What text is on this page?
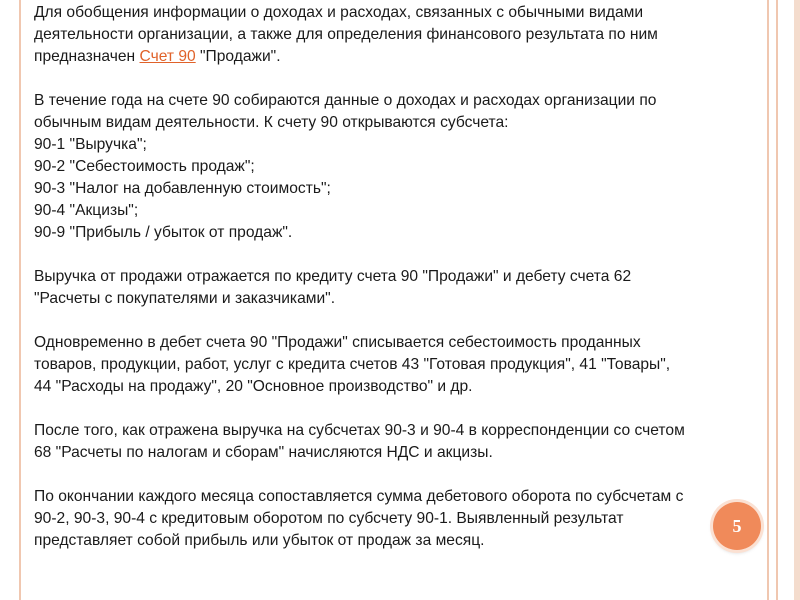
Для обобщения информации о доходах и расходах, связанных с обычными видами
деятельности организации, а также для определения финансового результата по ним
предназначен Счет 90 "Продажи".

В течение года на счете 90 собираются данные о доходах и расходах организации по
обычным видам деятельности. К счету 90 открываются субсчета:
90-1 "Выручка";
90-2 "Себестоимость продаж";
90-3 "Налог на добавленную стоимость";
90-4 "Акцизы";
90-9 "Прибыль / убыток от продаж".

Выручка от продажи отражается по кредиту счета 90 "Продажи" и дебету счета 62
"Расчеты с покупателями и заказчиками".

Одновременно в дебет счета 90 "Продажи" списывается себестоимость проданных
товаров, продукции, работ, услуг с кредита счетов 43 "Готовая продукция", 41 "Товары",
44 "Расходы на продажу", 20 "Основное производство" и др.

После того, как отражена выручка на субсчетах 90-3 и 90-4 в корреспонденции со счетом
68 "Расчеты по налогам и сборам" начисляются НДС и акцизы.

По окончании каждого месяца сопоставляется сумма дебетового оборота по субсчетам с
90-2, 90-3, 90-4 с кредитовым оборотом по субсчету 90-1. Выявленный результат
представляет собой прибыль или убыток от продаж за месяц.

5
